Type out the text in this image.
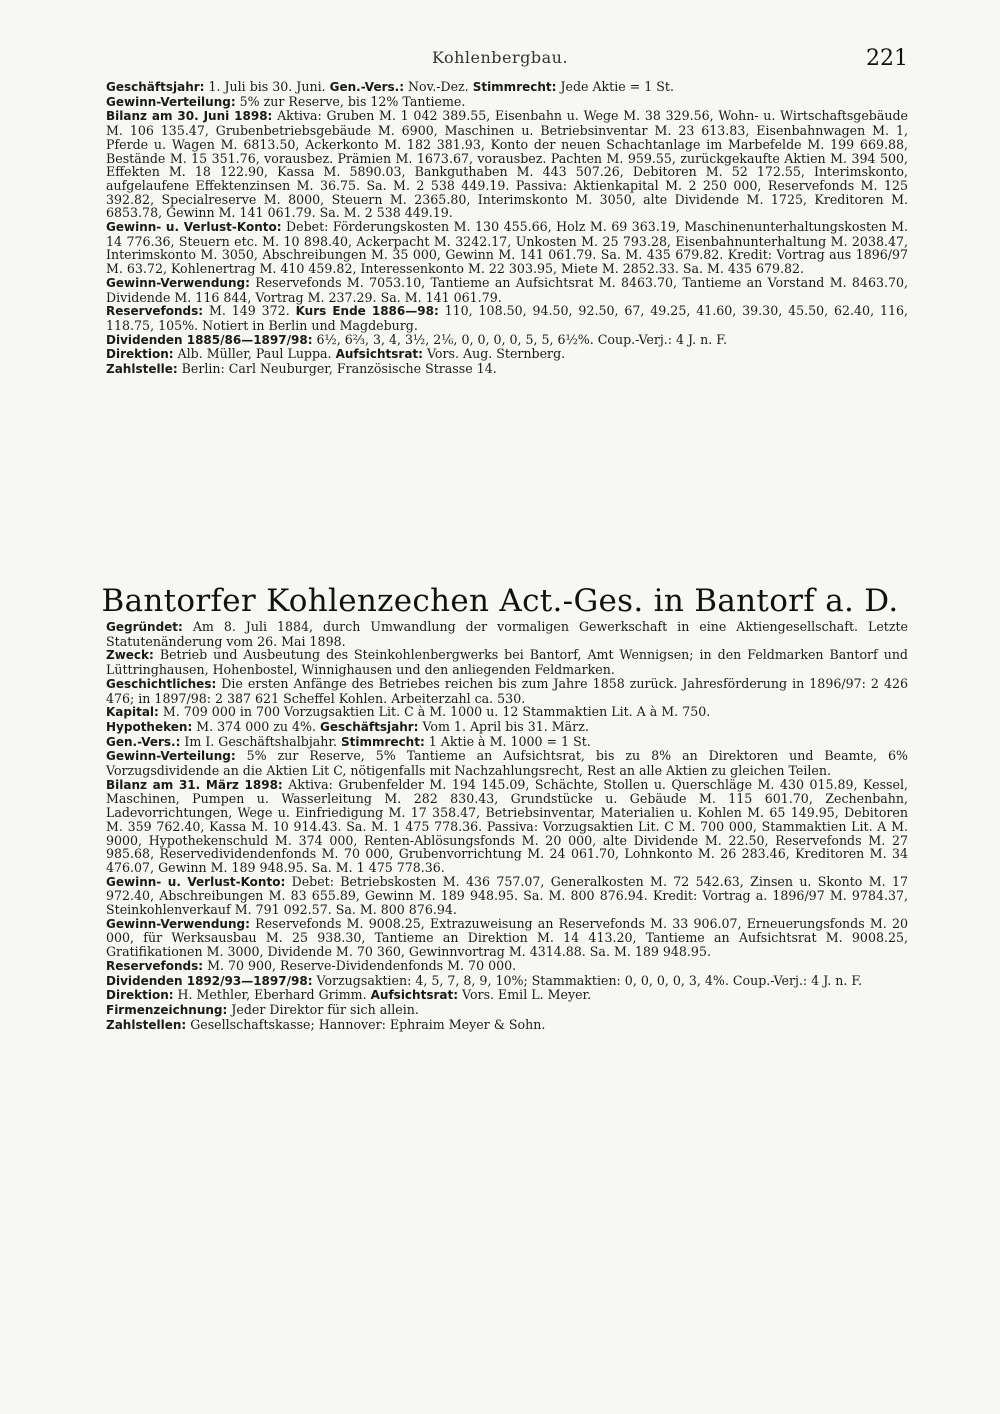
Kohlenbergbau.	221

Geschäftsjahr: 1. Juli bis 30. Juni. Gen.-Vers.: Nov.-Dez. Stimmrecht: Jede Aktie = 1 St.

Gewinn-Verteilung: 5% zur Reserve, bis 12% Tantieme.

Bilanz am 30. Juni 1898: Aktiva: Gruben M. 1 042 389.55, Eisenbahn u. Wege M. 38 329.56, Wohn- u. Wirtschaftsgebäude M. 106 135.47, Grubenbetriebsgebäude M. 6900, Maschinen u. Betriebsinventar M. 23 613.83, Eisenbahnwagen M. 1, Pferde u. Wagen M. 6813.50, Ackerkonto M. 182 381.93, Konto der neuen Schachtanlage im Marbefelde M. 199 669.88, Bestände M. 15 351.76, vorausbez. Prämien M. 1673.67, vorausbez. Pachten M. 959.55, zurückgekaufte Aktien M. 394 500, Effekten M. 18 122.90, Kassa M. 5890.03, Bankguthaben M. 443 507.26, Debitoren M. 52 172.55, Interimskonto, aufgelaufene Effektenzinsen M. 36.75. Sa. M. 2 538 449.19. Passiva: Aktienkapital M. 2 250 000, Reservefonds M. 125 392.82, Specialreserve M. 8000, Steuern M. 2365.80, Interimskonto M. 3050, alte Dividende M. 1725, Kreditoren M. 6853.78, Gewinn M. 141 061.79. Sa. M. 2 538 449.19.

Gewinn- u. Verlust-Konto: Debet: Förderungskosten M. 130 455.66, Holz M. 69 363.19, Maschinenunterhaltungskosten M. 14 776.36, Steuern etc. M. 10 898.40, Ackerpacht M. 3242.17, Unkosten M. 25 793.28, Eisenbahnunterhaltung M. 2038.47, Interimskonto M. 3050, Abschreibungen M. 35 000, Gewinn M. 141 061.79. Sa. M. 435 679.82. Kredit: Vortrag aus 1896/97 M. 63.72, Kohlenertrag M. 410 459.82, Interessenkonto M. 22 303.95, Miete M. 2852.33. Sa. M. 435 679.82.

Gewinn-Verwendung: Reservefonds M. 7053.10, Tantieme an Aufsichtsrat M. 8463.70, Tantieme an Vorstand M. 8463.70, Dividende M. 116 844, Vortrag M. 237.29. Sa. M. 141 061.79.

Reservefonds: M. 149 372. Kurs Ende 1886—98: 110, 108.50, 94.50, 92.50, 67, 49.25, 41.60, 39.30, 45.50, 62.40, 116, 118.75, 105%. Notiert in Berlin und Magdeburg.

Dividenden 1885/86—1897/98: 6½, 6⅔, 3, 4, 3½, 2⅙, 0, 0, 0, 0, 5, 5, 6½%. Coup.-Verj.: 4 J. n. F.

Direktion: Alb. Müller, Paul Luppa. Aufsichtsrat: Vors. Aug. Sternberg.

Zahlstelle: Berlin: Carl Neuburger, Französische Strasse 14.

Bantorfer Kohlenzechen Act.-Ges. in Bantorf a. D.

Gegründet: Am 8. Juli 1884, durch Umwandlung der vormaligen Gewerkschaft in eine Aktiengesellschaft. Letzte Statutenänderung vom 26. Mai 1898.

Zweck: Betrieb und Ausbeutung des Steinkohlenbergwerks bei Bantorf, Amt Wennigsen; in den Feldmarken Bantorf und Lüttringhausen, Hohenbostel, Winnighausen und den anliegenden Feldmarken.

Geschichtliches: Die ersten Anfänge des Betriebes reichen bis zum Jahre 1858 zurück. Jahresförderung in 1896/97: 2 426 476; in 1897/98: 2 387 621 Scheffel Kohlen. Arbeiterzahl ca. 530.

Kapital: M. 709 000 in 700 Vorzugsaktien Lit. C à M. 1000 u. 12 Stammaktien Lit. A à M. 750.

Hypotheken: M. 374 000 zu 4%. Geschäftsjahr: Vom 1. April bis 31. März.

Gen.-Vers.: Im I. Geschäftshalbjahr. Stimmrecht: 1 Aktie à M. 1000 = 1 St.

Gewinn-Verteilung: 5% zur Reserve, 5% Tantieme an Aufsichtsrat, bis zu 8% an Direktoren und Beamte, 6% Vorzugsdividende an die Aktien Lit C, nötigenfalls mit Nachzahlungsrecht, Rest an alle Aktien zu gleichen Teilen.

Bilanz am 31. März 1898: Aktiva: Grubenfelder M. 194 145.09, Schächte, Stollen u. Querschläge M. 430 015.89, Kessel, Maschinen, Pumpen u. Wasserleitung M. 282 830.43, Grundstücke u. Gebäude M. 115 601.70, Zechenbahn, Ladevorrichtungen, Wege u. Einfriedigung M. 17 358.47, Betriebsinventar, Materialien u. Kohlen M. 65 149.95, Debitoren M. 359 762.40, Kassa M. 10 914.43. Sa. M. 1 475 778.36. Passiva: Vorzugsaktien Lit. C M. 700 000, Stammaktien Lit. A M. 9000, Hypothekenschuld M. 374 000, Renten-Ablösungsfonds M. 20 000, alte Dividende M. 22.50, Reservefonds M. 27 985.68, Reservedividendenfonds M. 70 000, Grubenvorrichtung M. 24 061.70, Lohnkonto M. 26 283.46, Kreditoren M. 34 476.07, Gewinn M. 189 948.95. Sa. M. 1 475 778.36.

Gewinn- u. Verlust-Konto: Debet: Betriebskosten M. 436 757.07, Generalkosten M. 72 542.63, Zinsen u. Skonto M. 17 972.40, Abschreibungen M. 83 655.89, Gewinn M. 189 948.95. Sa. M. 800 876.94. Kredit: Vortrag a. 1896/97 M. 9784.37, Steinkohlenverkauf M. 791 092.57. Sa. M. 800 876.94.

Gewinn-Verwendung: Reservefonds M. 9008.25, Extrazuweisung an Reservefonds M. 33 906.07, Erneuerungsfonds M. 20 000, für Werksausbau M. 25 938.30, Tantieme an Direktion M. 14 413.20, Tantieme an Aufsichtsrat M. 9008.25, Gratifikationen M. 3000, Dividende M. 70 360, Gewinnvortrag M. 4314.88. Sa. M. 189 948.95.

Reservefonds: M. 70 900, Reserve-Dividendenfonds M. 70 000.

Dividenden 1892/93—1897/98: Vorzugsaktien: 4, 5, 7, 8, 9, 10%; Stammaktien: 0, 0, 0, 0, 3, 4%. Coup.-Verj.: 4 J. n. F.

Direktion: H. Methler, Eberhard Grimm. Aufsichtsrat: Vors. Emil L. Meyer.

Firmenzeichnung: Jeder Direktor für sich allein.

Zahlstellen: Gesellschaftskasse; Hannover: Ephraim Meyer & Sohn.
